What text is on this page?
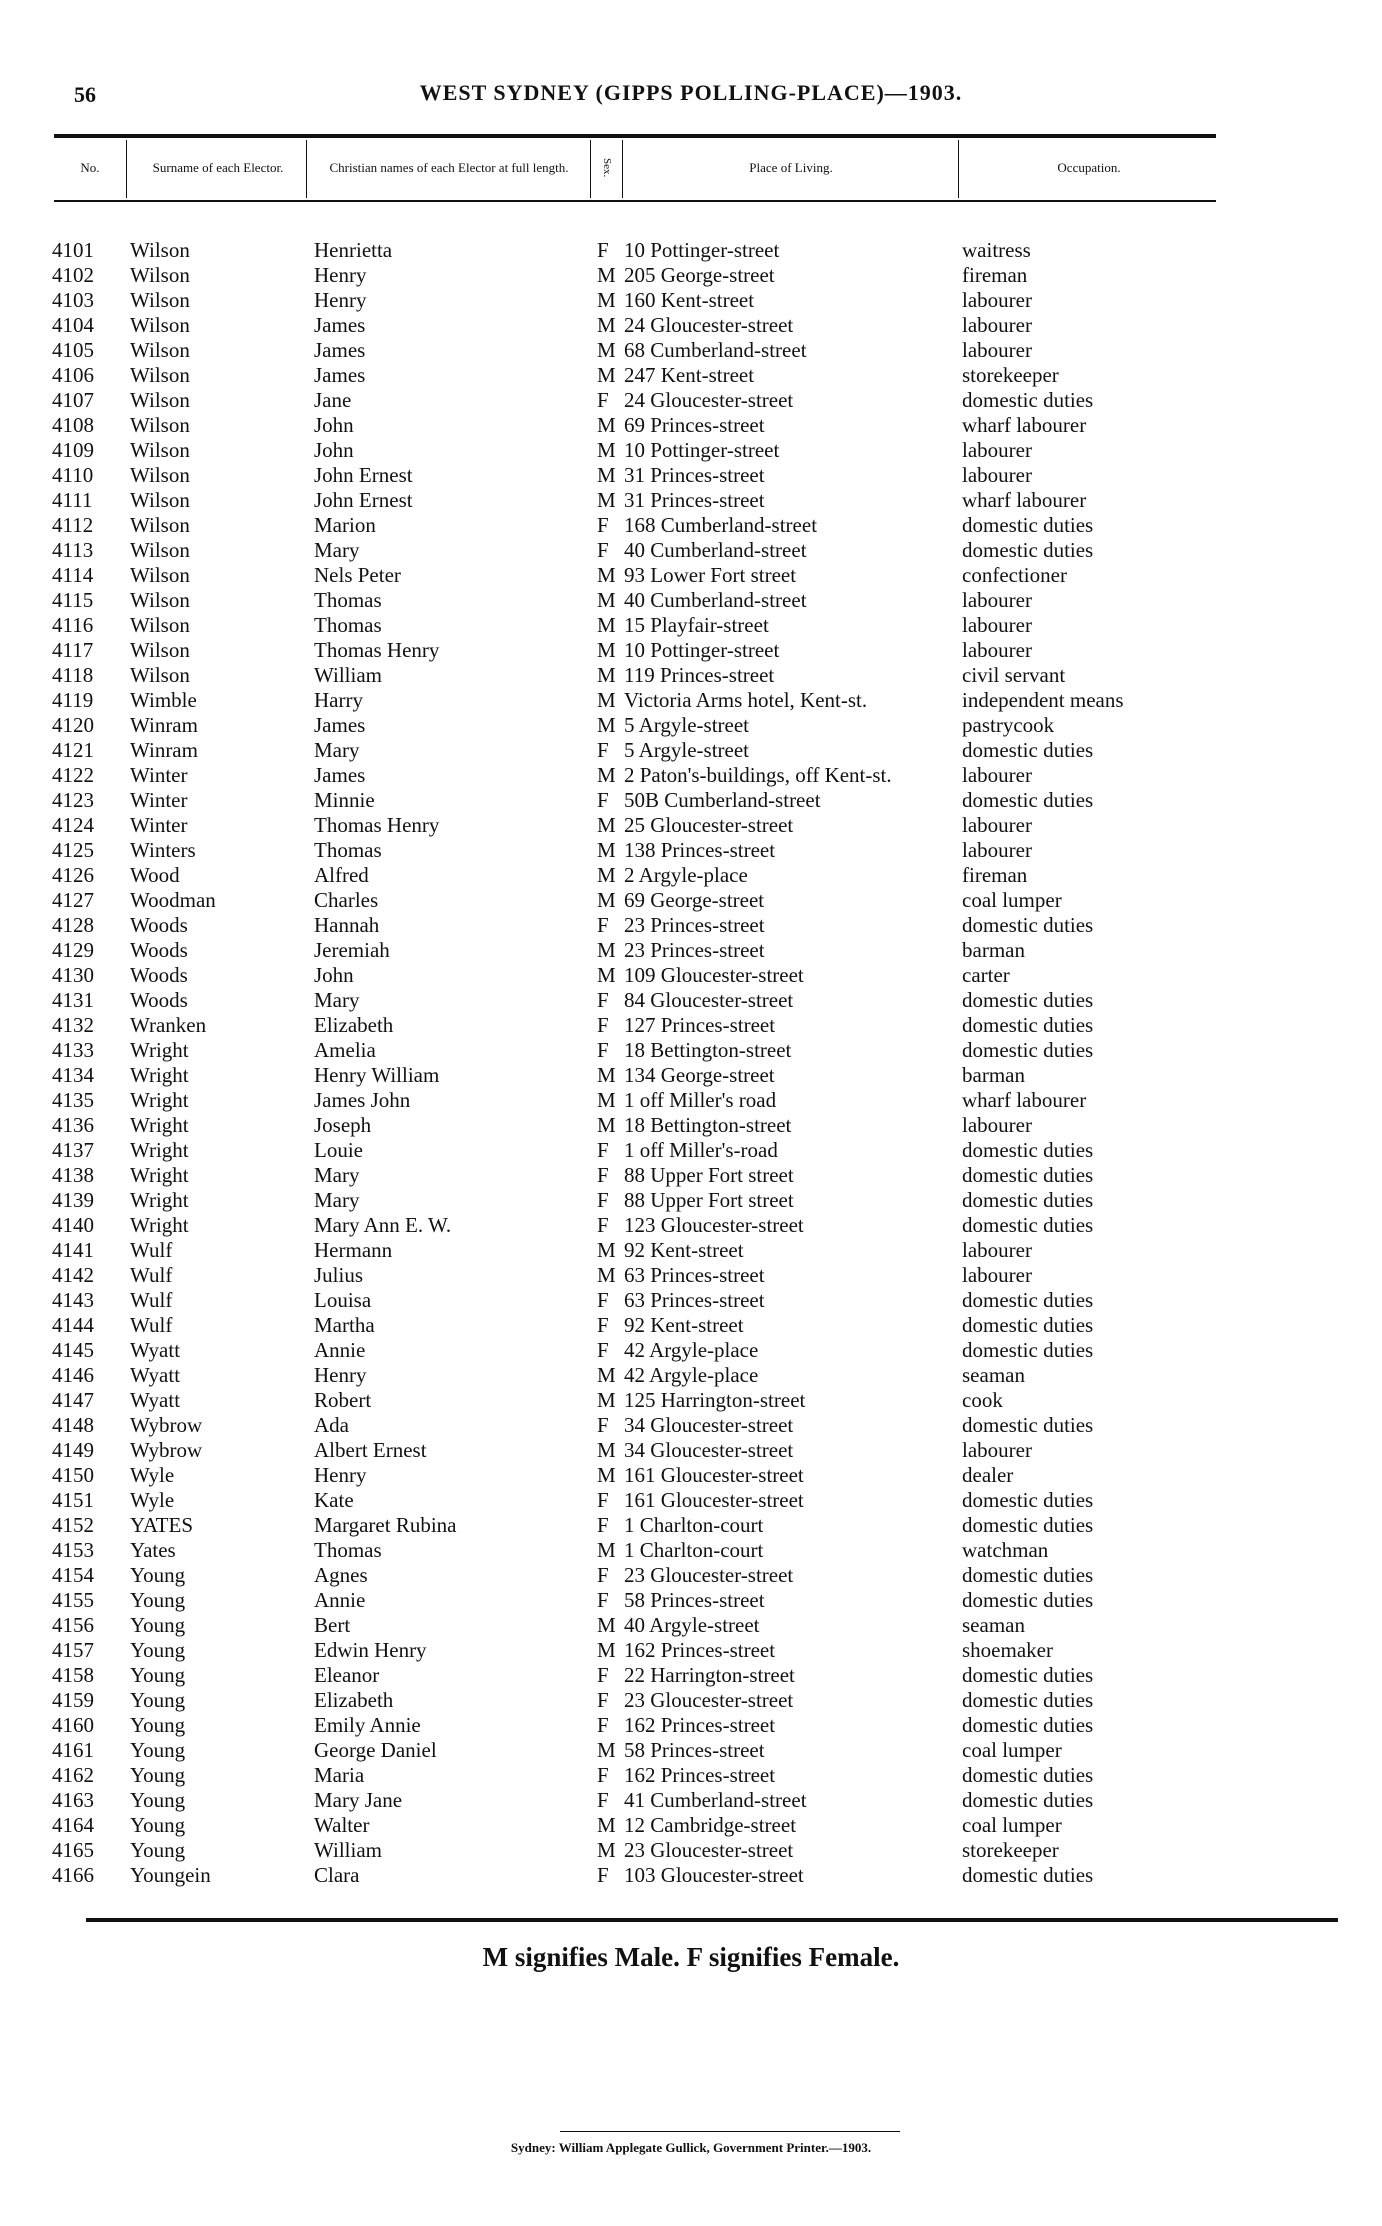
56	WEST SYDNEY (GIPPS POLLING-PLACE)—1903.
No.	Surname of each Elector.	Christian names of each Elector at full length.	Sex.	Place of Living.	Occupation.
4101	Wilson	Henrietta	F 10 Pottinger-street	waitress
4102	Wilson	Henry	M 205 George-street	fireman
4103	Wilson	Henry	M 160 Kent-street	labourer
4104	Wilson	James	M 24 Gloucester-street	labourer
4105	Wilson	James	M 68 Cumberland-street	labourer
4106	Wilson	James	M 247 Kent-street	storekeeper
4107	Wilson	Jane	F 24 Gloucester-street	domestic duties
4108	Wilson	John	M 69 Princes-street	wharf labourer
4109	Wilson	John	M 10 Pottinger-street	labourer
4110	Wilson	John Ernest	M 31 Princes-street	labourer
4111	Wilson	John Ernest	M 31 Princes-street	wharf labourer
4112	Wilson	Marion	F 168 Cumberland-street	domestic duties
4113	Wilson	Mary	F 40 Cumberland-street	domestic duties
4114	Wilson	Nels Peter	M 93 Lower Fort street	confectioner
4115	Wilson	Thomas	M 40 Cumberland-street	labourer
4116	Wilson	Thomas	M 15 Playfair-street	labourer
4117	Wilson	Thomas Henry	M 10 Pottinger-street	labourer
4118	Wilson	William	M 119 Princes-street	civil servant
4119	Wimble	Harry	M Victoria Arms hotel, Kent-st.	independent means
4120	Winram	James	M 5 Argyle-street	pastrycook
4121	Winram	Mary	F 5 Argyle-street	domestic duties
4122	Winter	James	M 2 Paton's-buildings, off Kent-st.	labourer
4123	Winter	Minnie	F 50B Cumberland-street	domestic duties
4124	Winter	Thomas Henry	M 25 Gloucester-street	labourer
4125	Winters	Thomas	M 138 Princes-street	labourer
4126	Wood	Alfred	M 2 Argyle-place	fireman
4127	Woodman	Charles	M 69 George-street	coal lumper
4128	Woods	Hannah	F 23 Princes-street	domestic duties
4129	Woods	Jeremiah	M 23 Princes-street	barman
4130	Woods	John	M 109 Gloucester-street	carter
4131	Woods	Mary	F 84 Gloucester-street	domestic duties
4132	Wranken	Elizabeth	F 127 Princes-street	domestic duties
4133	Wright	Amelia	F 18 Bettington-street	domestic duties
4134	Wright	Henry William	M 134 George-street	barman
4135	Wright	James John	M 1 off Miller's road	wharf labourer
4136	Wright	Joseph	M 18 Bettington-street	labourer
4137	Wright	Louie	F 1 off Miller's-road	domestic duties
4138	Wright	Mary	F 88 Upper Fort street	domestic duties
4139	Wright	Mary	F 88 Upper Fort street	domestic duties
4140	Wright	Mary Ann E. W.	F 123 Gloucester-street	domestic duties
4141	Wulf	Hermann	M 92 Kent-street	labourer
4142	Wulf	Julius	M 63 Princes-street	labourer
4143	Wulf	Louisa	F 63 Princes-street	domestic duties
4144	Wulf	Martha	F 92 Kent-street	domestic duties
4145	Wyatt	Annie	F 42 Argyle-place	domestic duties
4146	Wyatt	Henry	M 42 Argyle-place	seaman
4147	Wyatt	Robert	M 125 Harrington-street	cook
4148	Wybrow	Ada	F 34 Gloucester-street	domestic duties
4149	Wybrow	Albert Ernest	M 34 Gloucester-street	labourer
4150	Wyle	Henry	M 161 Gloucester-street	dealer
4151	Wyle	Kate	F 161 Gloucester-street	domestic duties
4152	YATES	Margaret Rubina	F 1 Charlton-court	domestic duties
4153	Yates	Thomas	M 1 Charlton-court	watchman
4154	Young	Agnes	F 23 Gloucester-street	domestic duties
4155	Young	Annie	F 58 Princes-street	domestic duties
4156	Young	Bert	M 40 Argyle-street	seaman
4157	Young	Edwin Henry	M 162 Princes-street	shoemaker
4158	Young	Eleanor	F 22 Harrington-street	domestic duties
4159	Young	Elizabeth	F 23 Gloucester-street	domestic duties
4160	Young	Emily Annie	F 162 Princes-street	domestic duties
4161	Young	George Daniel	M 58 Princes-street	coal lumper
4162	Young	Maria	F 162 Princes-street	domestic duties
4163	Young	Mary Jane	F 41 Cumberland-street	domestic duties
4164	Young	Walter	M 12 Cambridge-street	coal lumper
4165	Young	William	M 23 Gloucester-street	storekeeper
4166	Youngein	Clara	F 103 Gloucester-street	domestic duties
M signifies Male. F signifies Female.
Sydney: William Applegate Gullick, Government Printer.—1903.
